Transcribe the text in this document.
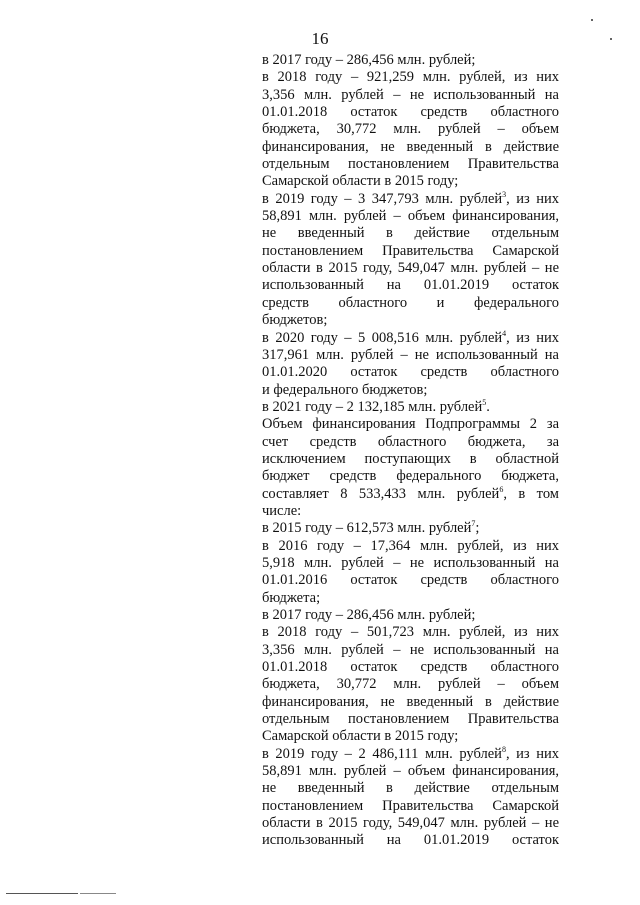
16
в 2017 году – 286,456 млн. рублей;
в 2018 году – 921,259 млн. рублей, из них
3,356 млн. рублей – не использованный на
01.01.2018 остаток средств областного
бюджета, 30,772 млн. рублей – объем
финансирования, не введенный в действие
отдельным постановлением Правительства
Самарской области в 2015 году;
в 2019 году – 3 347,793 млн. рублей$^3$, из них
58,891 млн. рублей – объем финансирования,
не введенный в действие отдельным
постановлением Правительства Самарской
области в 2015 году, 549,047 млн. рублей – не
использованный на 01.01.2019 остаток
средств областного и федерального
бюджетов;
в 2020 году – 5 008,516 млн. рублей$^4$, из них
317,961 млн. рублей – не использованный на
01.01.2020 остаток средств областного
и федерального бюджетов;
в 2021 году – 2 132,185 млн. рублей$^5$.
Объем финансирования Подпрограммы 2 за
счет средств областного бюджета, за
исключением поступающих в областной
бюджет средств федерального бюджета,
составляет 8 533,433 млн. рублей$^6$, в том
числе:
в 2015 году – 612,573 млн. рублей$^7$;
в 2016 году – 17,364 млн. рублей, из них
5,918 млн. рублей – не использованный на
01.01.2016 остаток средств областного
бюджета;
в 2017 году – 286,456 млн. рублей;
в 2018 году – 501,723 млн. рублей, из них
3,356 млн. рублей – не использованный на
01.01.2018 остаток средств областного
бюджета, 30,772 млн. рублей – объем
финансирования, не введенный в действие
отдельным постановлением Правительства
Самарской области в 2015 году;
в 2019 году – 2 486,111 млн. рублей$^8$, из них
58,891 млн. рублей – объем финансирования,
не введенный в действие отдельным
постановлением Правительства Самарской
области в 2015 году, 549,047 млн. рублей – не
использованный на 01.01.2019 остаток
